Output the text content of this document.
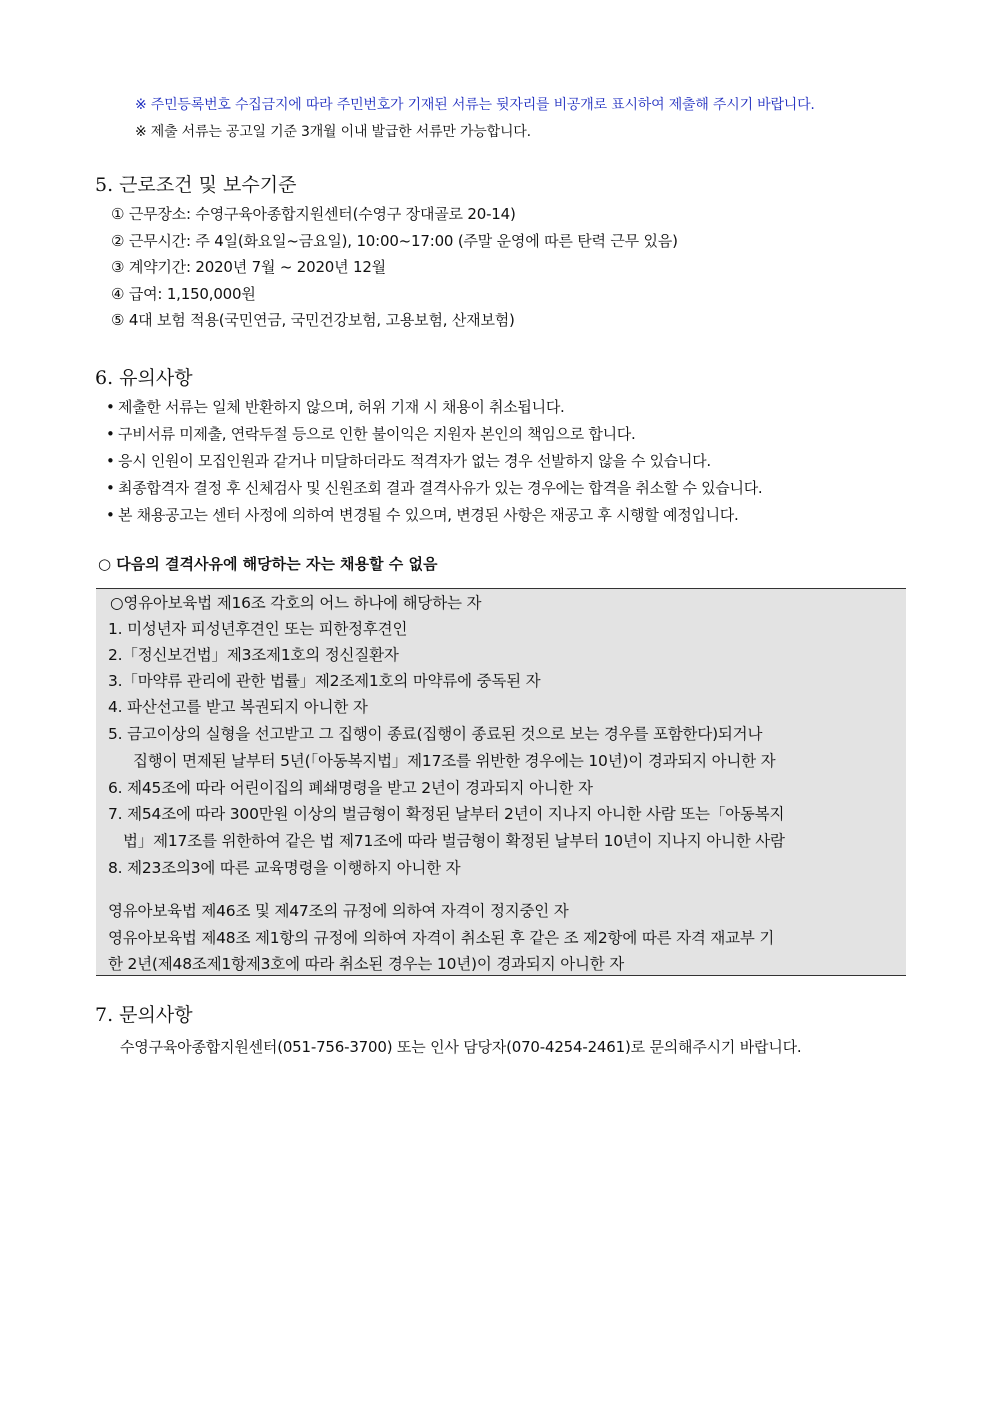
※ 주민등록번호 수집금지에 따라 주민번호가 기재된 서류는 뒷자리를 비공개로 표시하여 제출해 주시기 바랍니다.
※ 제출 서류는 공고일 기준 3개월 이내 발급한 서류만 가능합니다.
5. 근로조건 및 보수기준
① 근무장소: 수영구육아종합지원센터(수영구 장대골로 20-14)
② 근무시간: 주 4일(화요일~금요일), 10:00~17:00 (주말 운영에 따른 탄력 근무 있음)
③ 계약기간: 2020년 7월 ~ 2020년 12월
④ 급여: 1,150,000원
⑤ 4대 보험 적용(국민연금, 국민건강보험, 고용보험, 산재보험)
6. 유의사항
• 제출한 서류는 일체 반환하지 않으며, 허위 기재 시 채용이 취소됩니다.
• 구비서류 미제출, 연락두절 등으로 인한 불이익은 지원자 본인의 책임으로 합니다.
• 응시 인원이 모집인원과 같거나 미달하더라도 적격자가 없는 경우 선발하지 않을 수 있습니다.
• 최종합격자 결정 후 신체검사 및 신원조회 결과 결격사유가 있는 경우에는 합격을 취소할 수 있습니다.
• 본 채용공고는 센터 사정에 의하여 변경될 수 있으며, 변경된 사항은 재공고 후 시행할 예정입니다.
○ 다음의 결격사유에 해당하는 자는 채용할 수 없음
○영유아보육법 제16조 각호의 어느 하나에 해당하는 자
1. 미성년자 피성년후견인 또는 피한정후견인
2.「정신보건법」제3조제1호의 정신질환자
3.「마약류 관리에 관한 법률」제2조제1호의 마약류에 중독된 자
4. 파산선고를 받고 복권되지 아니한 자
5. 금고이상의 실형을 선고받고 그 집행이 종료(집행이 종료된 것으로 보는 경우를 포함한다)되거나
집행이 면제된 날부터 5년(「아동복지법」제17조를 위반한 경우에는 10년)이 경과되지 아니한 자
6. 제45조에 따라 어린이집의 폐쇄명령을 받고 2년이 경과되지 아니한 자
7. 제54조에 따라 300만원 이상의 벌금형이 확정된 날부터 2년이 지나지 아니한 사람 또는「아동복지
법」제17조를 위한하여 같은 법 제71조에 따라 벌금형이 확정된 날부터 10년이 지나지 아니한 사람
8. 제23조의3에 따른 교육명령을 이행하지 아니한 자
영유아보육법 제46조 및 제47조의 규정에 의하여 자격이 정지중인 자
영유아보육법 제48조 제1항의 규정에 의하여 자격이 취소된 후 같은 조 제2항에 따른 자격 재교부 기
한 2년(제48조제1항제3호에 따라 취소된 경우는 10년)이 경과되지 아니한 자
7. 문의사항
수영구육아종합지원센터(051-756-3700) 또는 인사 담당자(070-4254-2461)로 문의해주시기 바랍니다.
